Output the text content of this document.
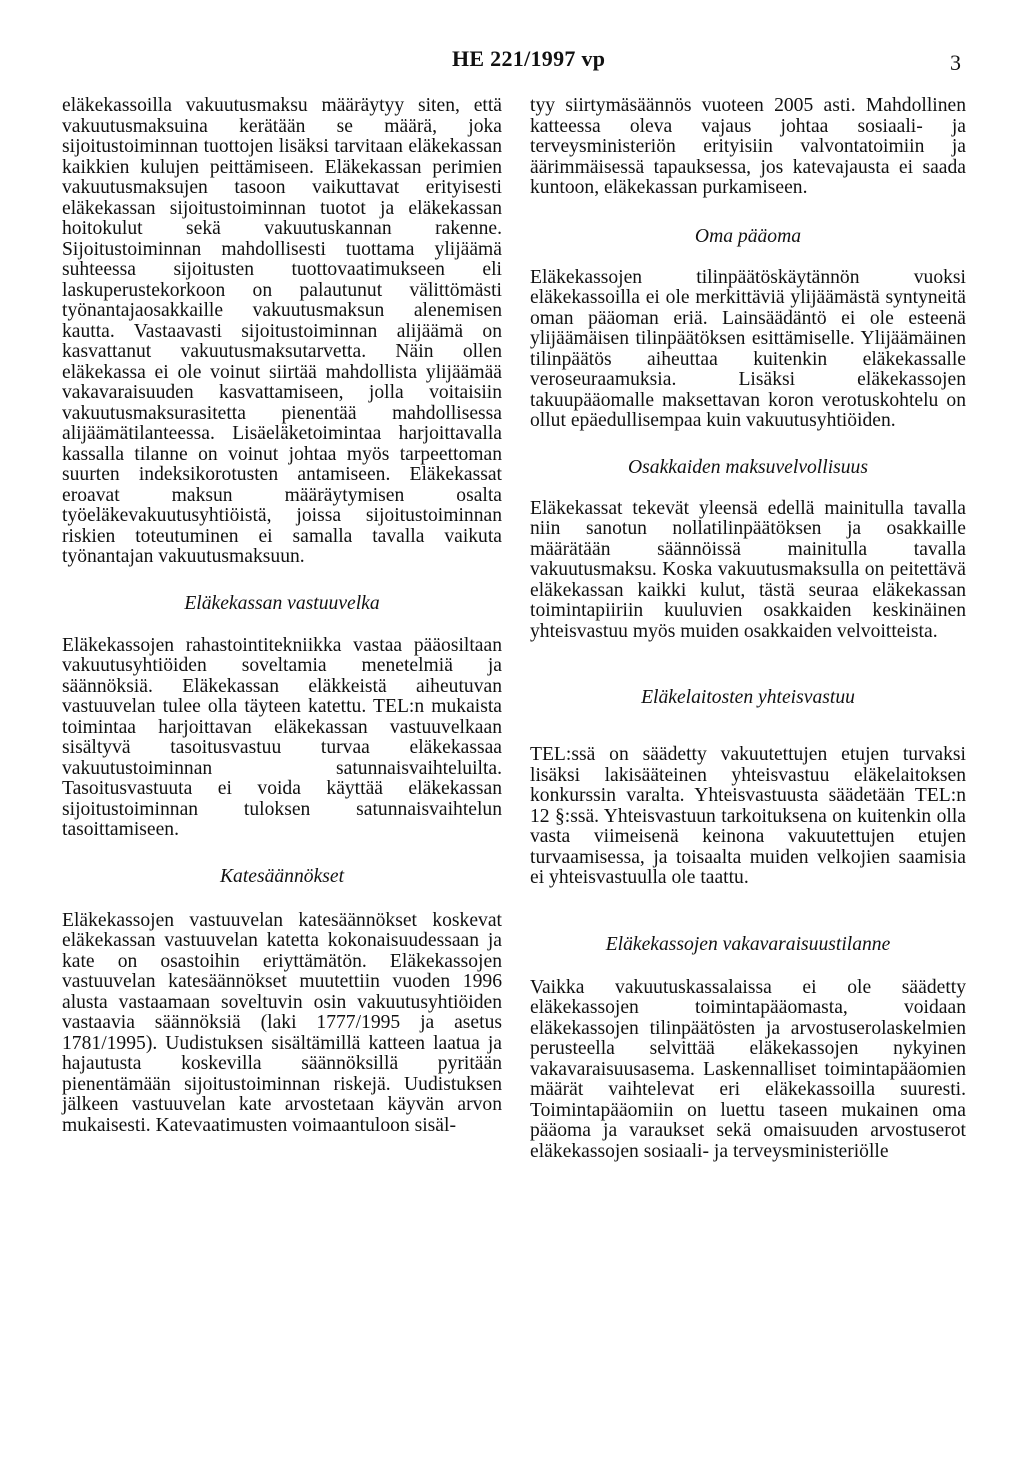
HE 221/1997 vp	3

eläkekassoilla vakuutusmaksu määräytyy siten, että vakuutusmaksuina kerätään se määrä, joka sijoitustoiminnan tuottojen lisäksi tarvitaan eläkekassan kaikkien kulujen peittämiseen. Eläkekassan perimien vakuutusmaksujen tasoon vaikuttavat erityisesti eläkekassan sijoitustoiminnan tuotot ja eläkekassan hoitokulut sekä vakuutuskannan rakenne. Sijoitustoiminnan mahdollisesti tuottama ylijäämä suhteessa sijoitusten tuottovaatimukseen eli laskuperustekorkoon on palautunut välittömästi työnantajaosakkaille vakuutusmaksun alenemisen kautta. Vastaavasti sijoitustoiminnan alijäämä on kasvattanut vakuutusmaksutarvetta. Näin ollen eläkekassa ei ole voinut siirtää mahdollista ylijäämää vakavaraisuuden kasvattamiseen, jolla voitaisiin vakuutusmaksurasitetta pienentää mahdollisessa alijäämätilanteessa. Lisäeläketoimintaa harjoittavalla kassalla tilanne on voinut johtaa myös tarpeettoman suurten indeksikorotusten antamiseen. Eläkekassat eroavat maksun määräytymisen osalta työeläkevakuutusyhtiöistä, joissa sijoitustoiminnan riskien toteutuminen ei samalla tavalla vaikuta työnantajan vakuutusmaksuun.

Eläkekassan vastuuvelka

Eläkekassojen rahastointitekniikka vastaa pääosiltaan vakuutusyhtiöiden soveltamia menetelmiä ja säännöksiä. Eläkekassan eläkkeistä aiheutuvan vastuuvelan tulee olla täyteen katettu. TEL:n mukaista toimintaa harjoittavan eläkekassan vastuuvelkaan sisältyvä tasoitusvastuu turvaa eläkekassaa vakuutustoiminnan satunnaisvaihteluilta. Tasoitusvastuuta ei voida käyttää eläkekassan sijoitustoiminnan tuloksen satunnaisvaihtelun tasoittamiseen.

Katesäännökset

Eläkekassojen vastuuvelan katesäännökset koskevat eläkekassan vastuuvelan katetta kokonaisuudessaan ja kate on osastoihin eriyttämätön. Eläkekassojen vastuuvelan katesäännökset muutettiin vuoden 1996 alusta vastaamaan soveltuvin osin vakuutusyhtiöiden vastaavia säännöksiä (laki 1777/1995 ja asetus 1781/1995). Uudistuksen sisältämillä katteen laatua ja hajautusta koskevilla säännöksillä pyritään pienentämään sijoitustoiminnan riskejä. Uudistuksen jälkeen vastuuvelan kate arvostetaan käyvän arvon mukaisesti. Katevaatimusten voimaantuloon sisäl-

tyy siirtymäsäännös vuoteen 2005 asti. Mahdollinen katteessa oleva vajaus johtaa sosiaali- ja terveysministeriön erityisiin valvontatoimiin ja äärimmäisessä tapauksessa, jos katevajausta ei saada kuntoon, eläkekassan purkamiseen.

Oma pääoma

Eläkekassojen tilinpäätöskäytännön vuoksi eläkekassoilla ei ole merkittäviä ylijäämästä syntyneitä oman pääoman eriä. Lainsäädäntö ei ole esteenä ylijäämäisen tilinpäätöksen esittämiselle. Ylijäämäinen tilinpäätös aiheuttaa kuitenkin eläkekassalle veroseuraamuksia. Lisäksi eläkekassojen takuupääomalle maksettavan koron verotuskohtelu on ollut epäedullisempaa kuin vakuutusyhtiöiden.

Osakkaiden maksuvelvollisuus

Eläkekassat tekevät yleensä edellä mainitulla tavalla niin sanotun nollatilinpäätöksen ja osakkaille määrätään säännöissä mainitulla tavalla vakuutusmaksu. Koska vakuutusmaksulla on peitettävä eläkekassan kaikki kulut, tästä seuraa eläkekassan toimintapiiriin kuuluvien osakkaiden keskinäinen yhteisvastuu myös muiden osakkaiden velvoitteista.

Eläkelaitosten yhteisvastuu

TEL:ssä on säädetty vakuutettujen etujen turvaksi lisäksi lakisääteinen yhteisvastuu eläkelaitoksen konkurssin varalta. Yhteisvastuusta säädetään TEL:n 12 §:ssä. Yhteisvastuun tarkoituksena on kuitenkin olla vasta viimeisenä keinona vakuutettujen etujen turvaamisessa, ja toisaalta muiden velkojien saamisia ei yhteisvastuulla ole taattu.

Eläkekassojen vakavaraisuustilanne

Vaikka vakuutuskassalaissa ei ole säädetty eläkekassojen toimintapääomasta, voidaan eläkekassojen tilinpäätösten ja arvostuserolaskelmien perusteella selvittää eläkekassojen nykyinen vakavaraisuusasema. Laskennalliset toimintapääomien määrät vaihtelevat eri eläkekassoilla suuresti. Toimintapääomiin on luettu taseen mukainen oma pääoma ja varaukset sekä omaisuuden arvostuserot eläkekassojen sosiaali- ja terveysministeriölle
